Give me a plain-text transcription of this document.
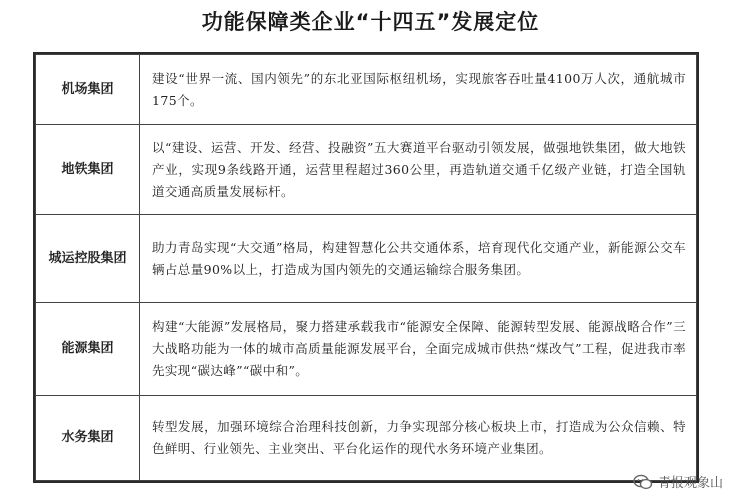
功能保障类企业“十四五”发展定位
机场集团	建设“世界一流、国内领先”的东北亚国际枢纽机场，实现旅客吞吐量4100万人次，通航城市175个。
地铁集团	以“建设、运营、开发、经营、投融资”五大赛道平台驱动引领发展，做强地铁集团，做大地铁产业，实现9条线路开通，运营里程超过360公里，再造轨道交通千亿级产业链，打造全国轨道交通高质量发展标杆。
城运控股集团	助力青岛实现“大交通”格局，构建智慧化公共交通体系，培育现代化交通产业，新能源公交车辆占总量90%以上，打造成为国内领先的交通运输综合服务集团。
能源集团	构建“大能源”发展格局，聚力搭建承载我市“能源安全保障、能源转型发展、能源战略合作”三大战略功能为一体的城市高质量能源发展平台，全面完成城市供热“煤改气”工程，促进我市率先实现“碳达峰”“碳中和”。
水务集团	转型发展，加强环境综合治理科技创新，力争实现部分核心板块上市，打造成为公众信赖、特色鲜明、行业领先、主业突出、平台化运作的现代水务环境产业集团。
青报观象山
